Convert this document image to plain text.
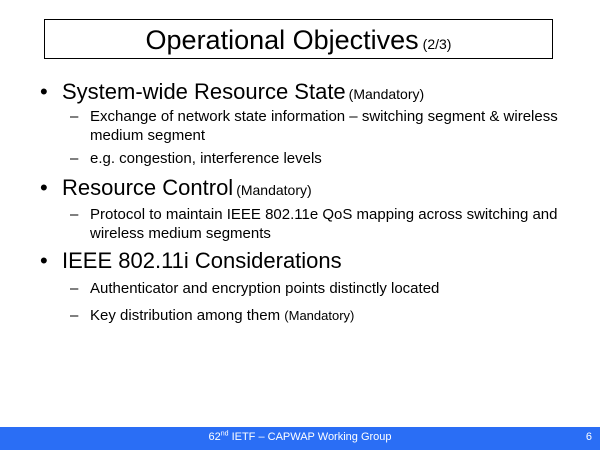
Operational Objectives (2/3)
• System-wide Resource State (Mandatory)
– Exchange of network state information – switching segment & wireless medium segment
– e.g. congestion, interference levels
• Resource Control (Mandatory)
– Protocol to maintain IEEE 802.11e QoS mapping across switching and wireless medium segments
• IEEE 802.11i Considerations
– Authenticator and encryption points distinctly located
– Key distribution among them (Mandatory)
62nd IETF – CAPWAP Working Group	6
